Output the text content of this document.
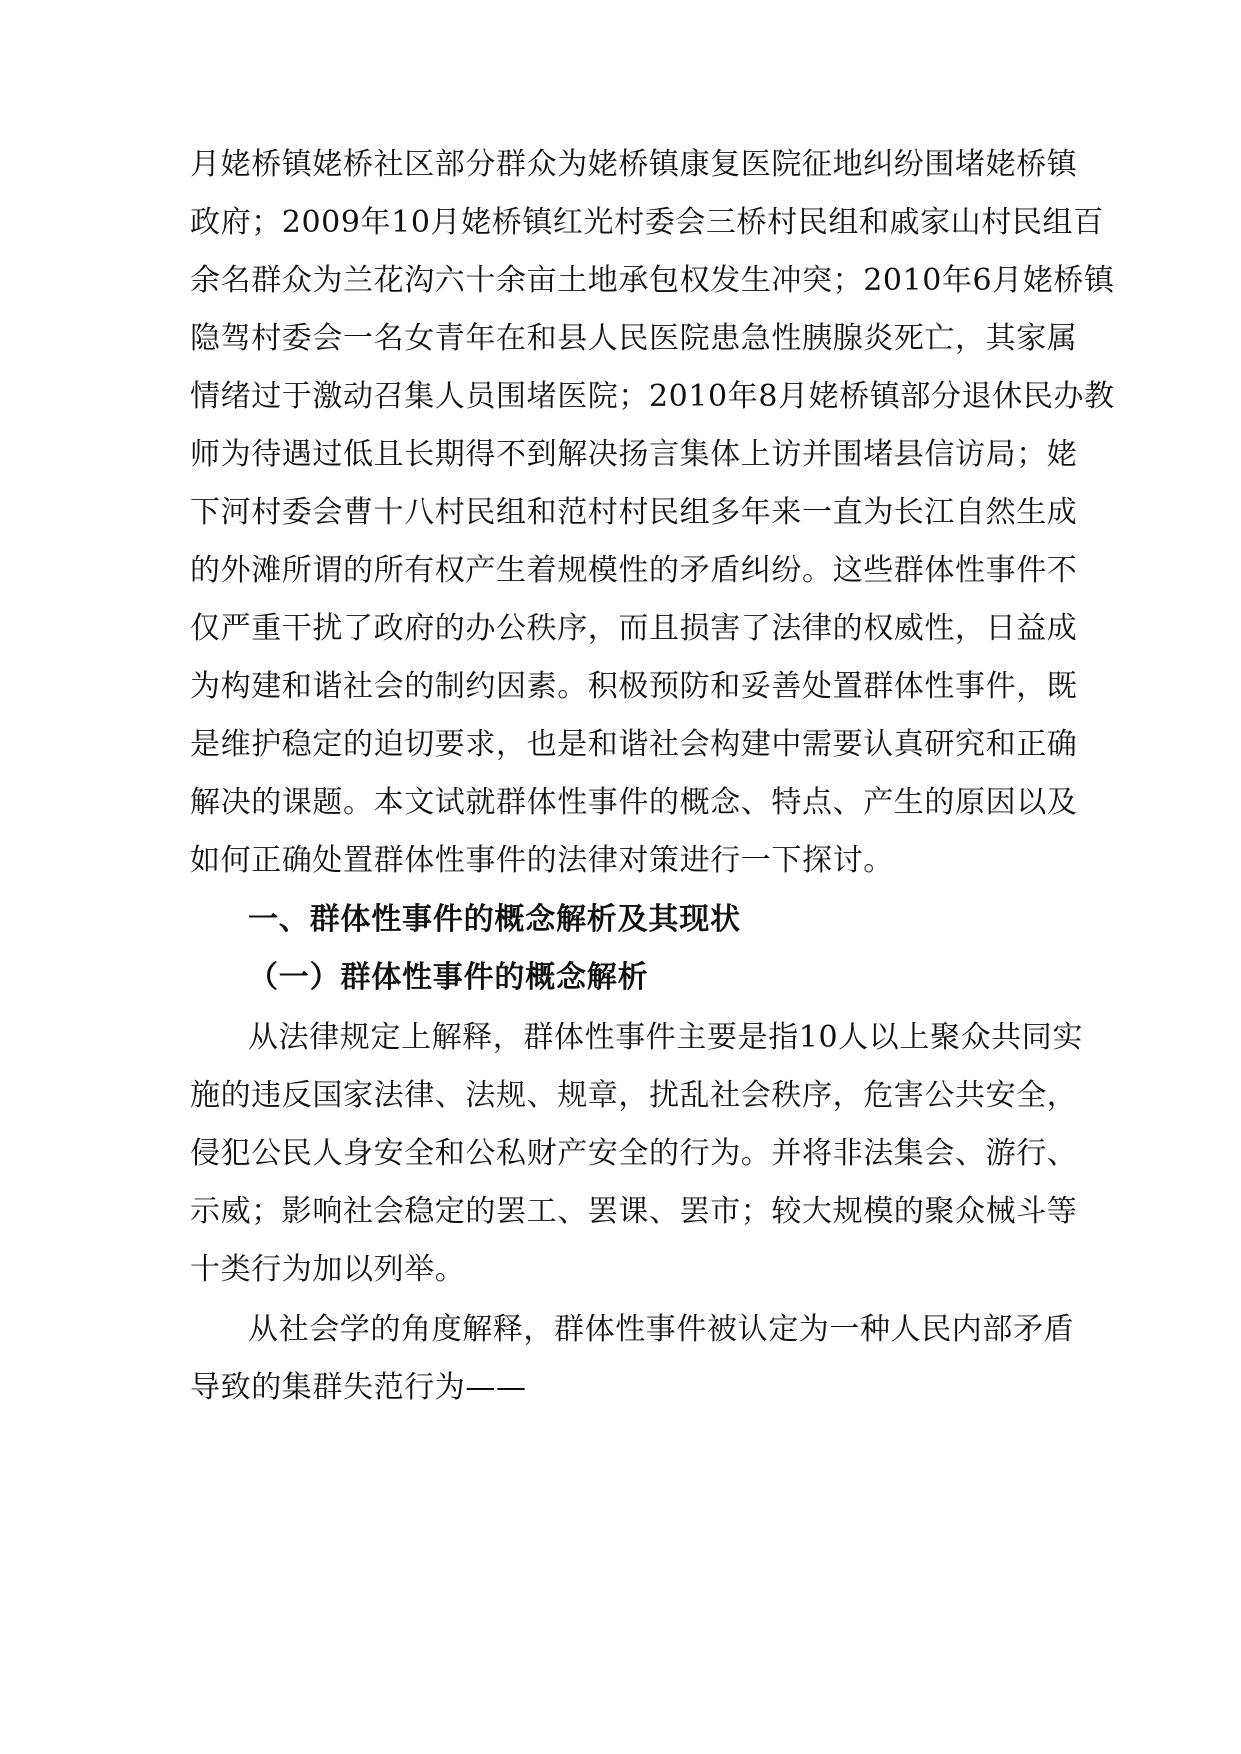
月姥桥镇姥桥社区部分群众为姥桥镇康复医院征地纠纷围堵姥桥镇
政府；2009年10月姥桥镇红光村委会三桥村民组和戚家山村民组百
余名群众为兰花沟六十余亩土地承包权发生冲突；2010年6月姥桥镇
隐驾村委会一名女青年在和县人民医院患急性胰腺炎死亡，其家属
情绪过于激动召集人员围堵医院；2010年8月姥桥镇部分退休民办教
师为待遇过低且长期得不到解决扬言集体上访并围堵县信访局；姥
下河村委会曹十八村民组和范村村民组多年来一直为长江自然生成
的外滩所谓的所有权产生着规模性的矛盾纠纷。这些群体性事件不
仅严重干扰了政府的办公秩序，而且损害了法律的权威性，日益成
为构建和谐社会的制约因素。积极预防和妥善处置群体性事件，既
是维护稳定的迫切要求，也是和谐社会构建中需要认真研究和正确
解决的课题。本文试就群体性事件的概念、特点、产生的原因以及
如何正确处置群体性事件的法律对策进行一下探讨。
一、群体性事件的概念解析及其现状
（一）群体性事件的概念解析
从法律规定上解释，群体性事件主要是指10人以上聚众共同实
施的违反国家法律、法规、规章，扰乱社会秩序，危害公共安全，
侵犯公民人身安全和公私财产安全的行为。并将非法集会、游行、
示威；影响社会稳定的罢工、罢课、罢市；较大规模的聚众械斗等
十类行为加以列举。
从社会学的角度解释，群体性事件被认定为一种人民内部矛盾
导致的集群失范行为——
